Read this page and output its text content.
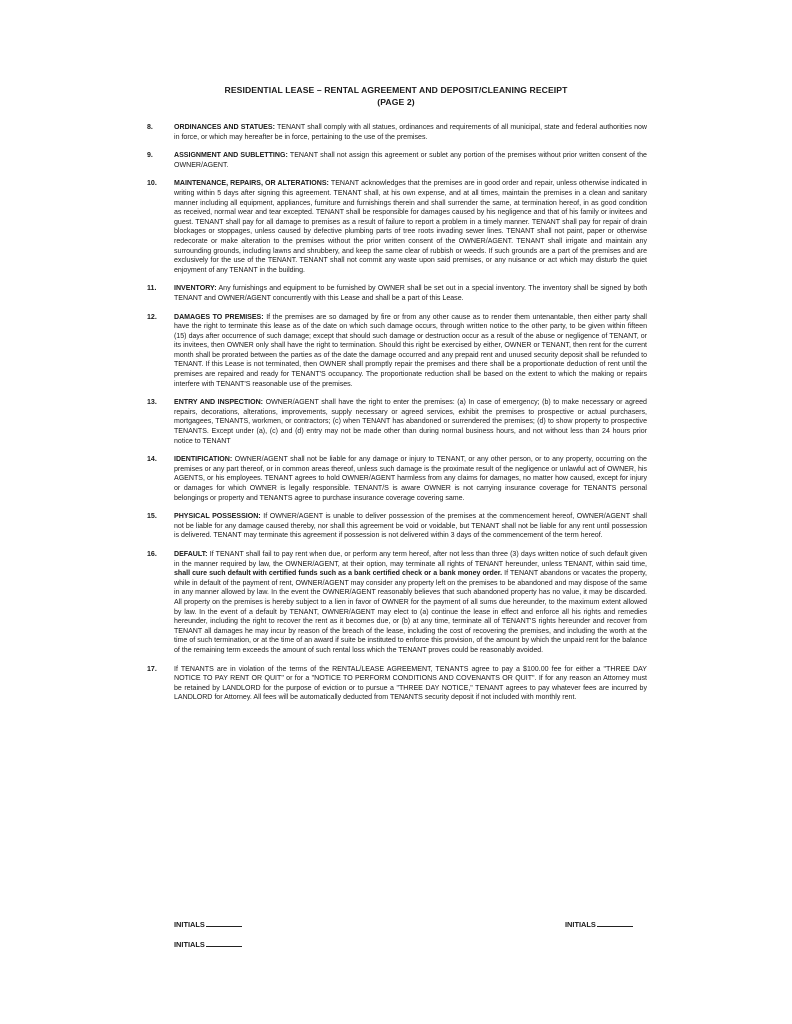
RESIDENTIAL LEASE – RENTAL AGREEMENT AND DEPOSIT/CLEANING RECEIPT
(PAGE 2)
8.	ORDINANCES AND STATUES: TENANT shall comply with all statues, ordinances and requirements of all municipal, state and federal authorities now in force, or which may hereafter be in force, pertaining to the use of the premises.
9.	ASSIGNMENT AND SUBLETTING: TENANT shall not assign this agreement or sublet any portion of the premises without prior written consent of the OWNER/AGENT.
10. MAINTENANCE, REPAIRS, OR ALTERATIONS: TENANT acknowledges that the premises are in good order and repair, unless otherwise indicated in writing within 5 days after signing this agreement. TENANT shall, at his own expense, and at all times, maintain the premises in a clean and sanitary manner including all equipment, appliances, furniture and furnishings therein and shall surrender the same, at termination hereof, in as good condition as received, normal wear and tear excepted. TENANT shall be responsible for damages caused by his negligence and that of his family or invitees and guest. TENANT shall pay for all damage to premises as a result of failure to report a problem in a timely manner. TENANT shall pay for repair of drain blockages or stoppages, unless caused by defective plumbing parts of tree roots invading sewer lines. TENANT shall not paint, paper or otherwise redecorate or make alteration to the premises without the prior written consent of the OWNER/AGENT. TENANT shall irrigate and maintain any surrounding grounds, including lawns and shrubbery, and keep the same clear of rubbish or weeds. If such grounds are a part of the premises and are exclusively for the use of the TENANT. TENANT shall not commit any waste upon said premises, or any nuisance or act which may disturb the quiet enjoyment of any TENANT in the building.
11. INVENTORY: Any furnishings and equipment to be furnished by OWNER shall be set out in a special inventory. The inventory shall be signed by both TENANT and OWNER/AGENT concurrently with this Lease and shall be a part of this Lease.
12. DAMAGES TO PREMISES: If the premises are so damaged by fire or from any other cause as to render them untenantable, then either party shall have the right to terminate this lease as of the date on which such damage occurs, through written notice to the other party, to be given within fifteen (15) days after occurrence of such damage; except that should such damage or destruction occur as a result of the abuse or negligence of TENANT, or its invitees, then OWNER only shall have the right to termination. Should this right be exercised by either, OWNER or TENANT, then rent for the current month shall be prorated between the parties as of the date the damage occurred and any prepaid rent and unused security deposit shall be refunded to TENANT. If this Lease is not terminated, then OWNER shall promptly repair the premises and there shall be a proportionate deduction of rent until the premises are repaired and ready for TENANT'S occupancy. The proportionate reduction shall be based on the extent to which the making or repairs interfere with TENANT'S reasonable use of the premises.
13. ENTRY AND INSPECTION: OWNER/AGENT shall have the right to enter the premises: (a) In case of emergency; (b) to make necessary or agreed repairs, decorations, alterations, improvements, supply necessary or agreed services, exhibit the premises to prospective or actual purchasers, mortgagees, TENANTS, workmen, or contractors; (c) when TENANT has abandoned or surrendered the premises; (d) to show property to prospective TENANTS. Except under (a), (c) and (d) entry may not be made other than during normal business hours, and not without less than 24 hours prior notice to TENANT
14. IDENTIFICATION: OWNER/AGENT shall not be liable for any damage or injury to TENANT, or any other person, or to any property, occurring on the premises or any part thereof, or in common areas thereof, unless such damage is the proximate result of the negligence or unlawful act of OWNER, his AGENTS, or his employees. TENANT agrees to hold OWNER/AGENT harmless from any claims for damages, no matter how caused, except for injury or damages for which OWNER is legally responsible. TENANT/S is aware OWNER is not carrying insurance coverage for TENANTS personal belongings or property and TENANTS agree to purchase insurance coverage covering same.
15. PHYSICAL POSSESSION: If OWNER/AGENT is unable to deliver possession of the premises at the commencement hereof, OWNER/AGENT shall not be liable for any damage caused thereby, nor shall this agreement be void or voidable, but TENANT shall not be liable for any rent until possession is delivered. TENANT may terminate this agreement if possession is not delivered within 3 days of the commencement of the term hereof.
16. DEFAULT: If TENANT shall fail to pay rent when due, or perform any term hereof, after not less than three (3) days written notice of such default given in the manner required by law, the OWNER/AGENT, at their option, may terminate all rights of TENANT hereunder, unless TENANT, within said time, shall cure such default with certified funds such as a bank certified check or a bank money order. If TENANT abandons or vacates the property, while in default of the payment of rent, OWNER/AGENT may consider any property left on the premises to be abandoned and may dispose of the same in any manner allowed by law. In the event the OWNER/AGENT reasonably believes that such abandoned property has no value, it may be discarded. All property on the premises is hereby subject to a lien in favor of OWNER for the payment of all sums due hereunder, to the maximum extent allowed by law. In the event of a default by TENANT, OWNER/AGENT may elect to (a) continue the lease in effect and enforce all his rights and remedies hereunder, including the right to recover the rent as it becomes due, or (b) at any time, terminate all of TENANT'S rights hereunder and recover from TENANT all damages he may incur by reason of the breach of the lease, including the cost of recovering the premises, and including the worth at the time of such termination, or at the time of an award if suite be instituted to enforce this provision, of the amount by which the unpaid rent for the balance of the remaining term exceeds the amount of such rental loss which the TENANT proves could be reasonably avoided.
17. If TENANTS are in violation of the terms of the RENTAL/LEASE AGREEMENT, TENANTS agree to pay a $100.00 fee for either a "THREE DAY NOTICE TO PAY RENT OR QUIT" or for a "NOTICE TO PERFORM CONDITIONS AND COVENANTS OR QUIT". If for any reason an Attorney must be retained by LANDLORD for the purpose of eviction or to pursue a "THREE DAY NOTICE," TENANT agrees to pay whatever fees are incurred by LANDLORD for Attorney. All fees will be automatically deducted from TENANTS security deposit if not included with monthly rent.
INITIALS	INITIALS
INITIALS
